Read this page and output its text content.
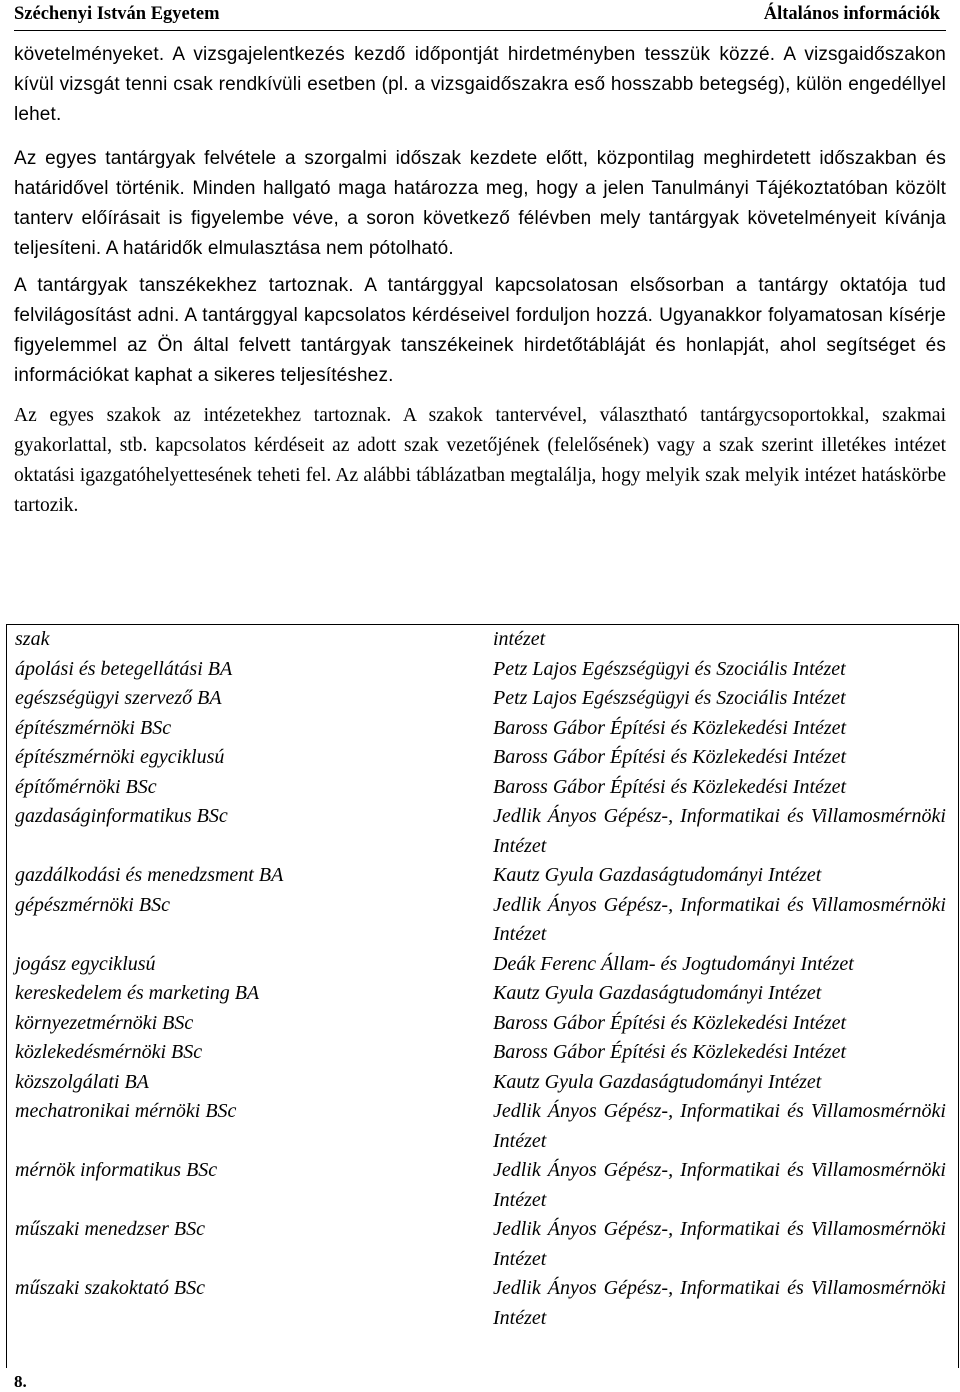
Széchenyi István Egyetem	Általános információk

követelményeket. A vizsgajelentkezés kezdő időpontját hirdetményben tesszük közzé. A vizsgaidőszakon kívül vizsgát tenni csak rendkívüli esetben (pl. a vizsgaidőszakra eső hosszabb betegség), külön engedéllyel lehet.

Az egyes tantárgyak felvétele a szorgalmi időszak kezdete előtt, központilag meghirdetett időszakban és határidővel történik. Minden hallgató maga határozza meg, hogy a jelen Tanulmányi Tájékoztatóban közölt tanterv előírásait is figyelembe véve, a soron következő félévben mely tantárgyak követelményeit kívánja teljesíteni. A határidők elmulasztása nem pótolható.

A tantárgyak tanszékekhez tartoznak. A tantárggyal kapcsolatosan elsősorban a tantárgy oktatója tud felvilágosítást adni. A tantárggyal kapcsolatos kérdéseivel forduljon hozzá. Ugyanakkor folyamatosan kísérje figyelemmel az Ön által felvett tantárgyak tanszékeinek hirdetőtábláját és honlapját, ahol segítséget és információkat kaphat a sikeres teljesítéshez.

Az egyes szakok az intézetekhez tartoznak. A szakok tantervével, választható tantárgycsoportokkal, szakmai gyakorlattal, stb. kapcsolatos kérdéseit az adott szak vezetőjének (felelősének) vagy a szak szerint illetékes intézet oktatási igazgatóhelyettesének teheti fel. Az alábbi táblázatban megtalálja, hogy melyik szak melyik intézet hatáskörbe tartozik.

szak	intézet
ápolási és betegellátási BA	Petz Lajos Egészségügyi és Szociális Intézet
egészségügyi szervező BA	Petz Lajos Egészségügyi és Szociális Intézet
építészmérnöki BSc	Baross Gábor Építési és Közlekedési Intézet
építészmérnöki egyciklusú	Baross Gábor Építési és Közlekedési Intézet
építőmérnöki BSc	Baross Gábor Építési és Közlekedési Intézet
gazdaságinformatikus BSc	Jedlik Ányos Gépész-, Informatikai és Villamosmérnöki Intézet
gazdálkodási és menedzsment BA	Kautz Gyula Gazdaságtudományi Intézet
gépészmérnöki BSc	Jedlik Ányos Gépész-, Informatikai és Villamosmérnöki Intézet
jogász egyciklusú	Deák Ferenc Állam- és Jogtudományi Intézet
kereskedelem és marketing BA	Kautz Gyula Gazdaságtudományi Intézet
környezetmérnöki BSc	Baross Gábor Építési és Közlekedési Intézet
közlekedésmérnöki BSc	Baross Gábor Építési és Közlekedési Intézet
közszolgálati BA	Kautz Gyula Gazdaságtudományi Intézet
mechatronikai mérnöki BSc	Jedlik Ányos Gépész-, Informatikai és Villamosmérnöki Intézet
mérnök informatikus BSc	Jedlik Ányos Gépész-, Informatikai és Villamosmérnöki Intézet
műszaki menedzser BSc	Jedlik Ányos Gépész-, Informatikai és Villamosmérnöki Intézet
műszaki szakoktató BSc	Jedlik Ányos Gépész-, Informatikai és Villamosmérnöki Intézet
8.
